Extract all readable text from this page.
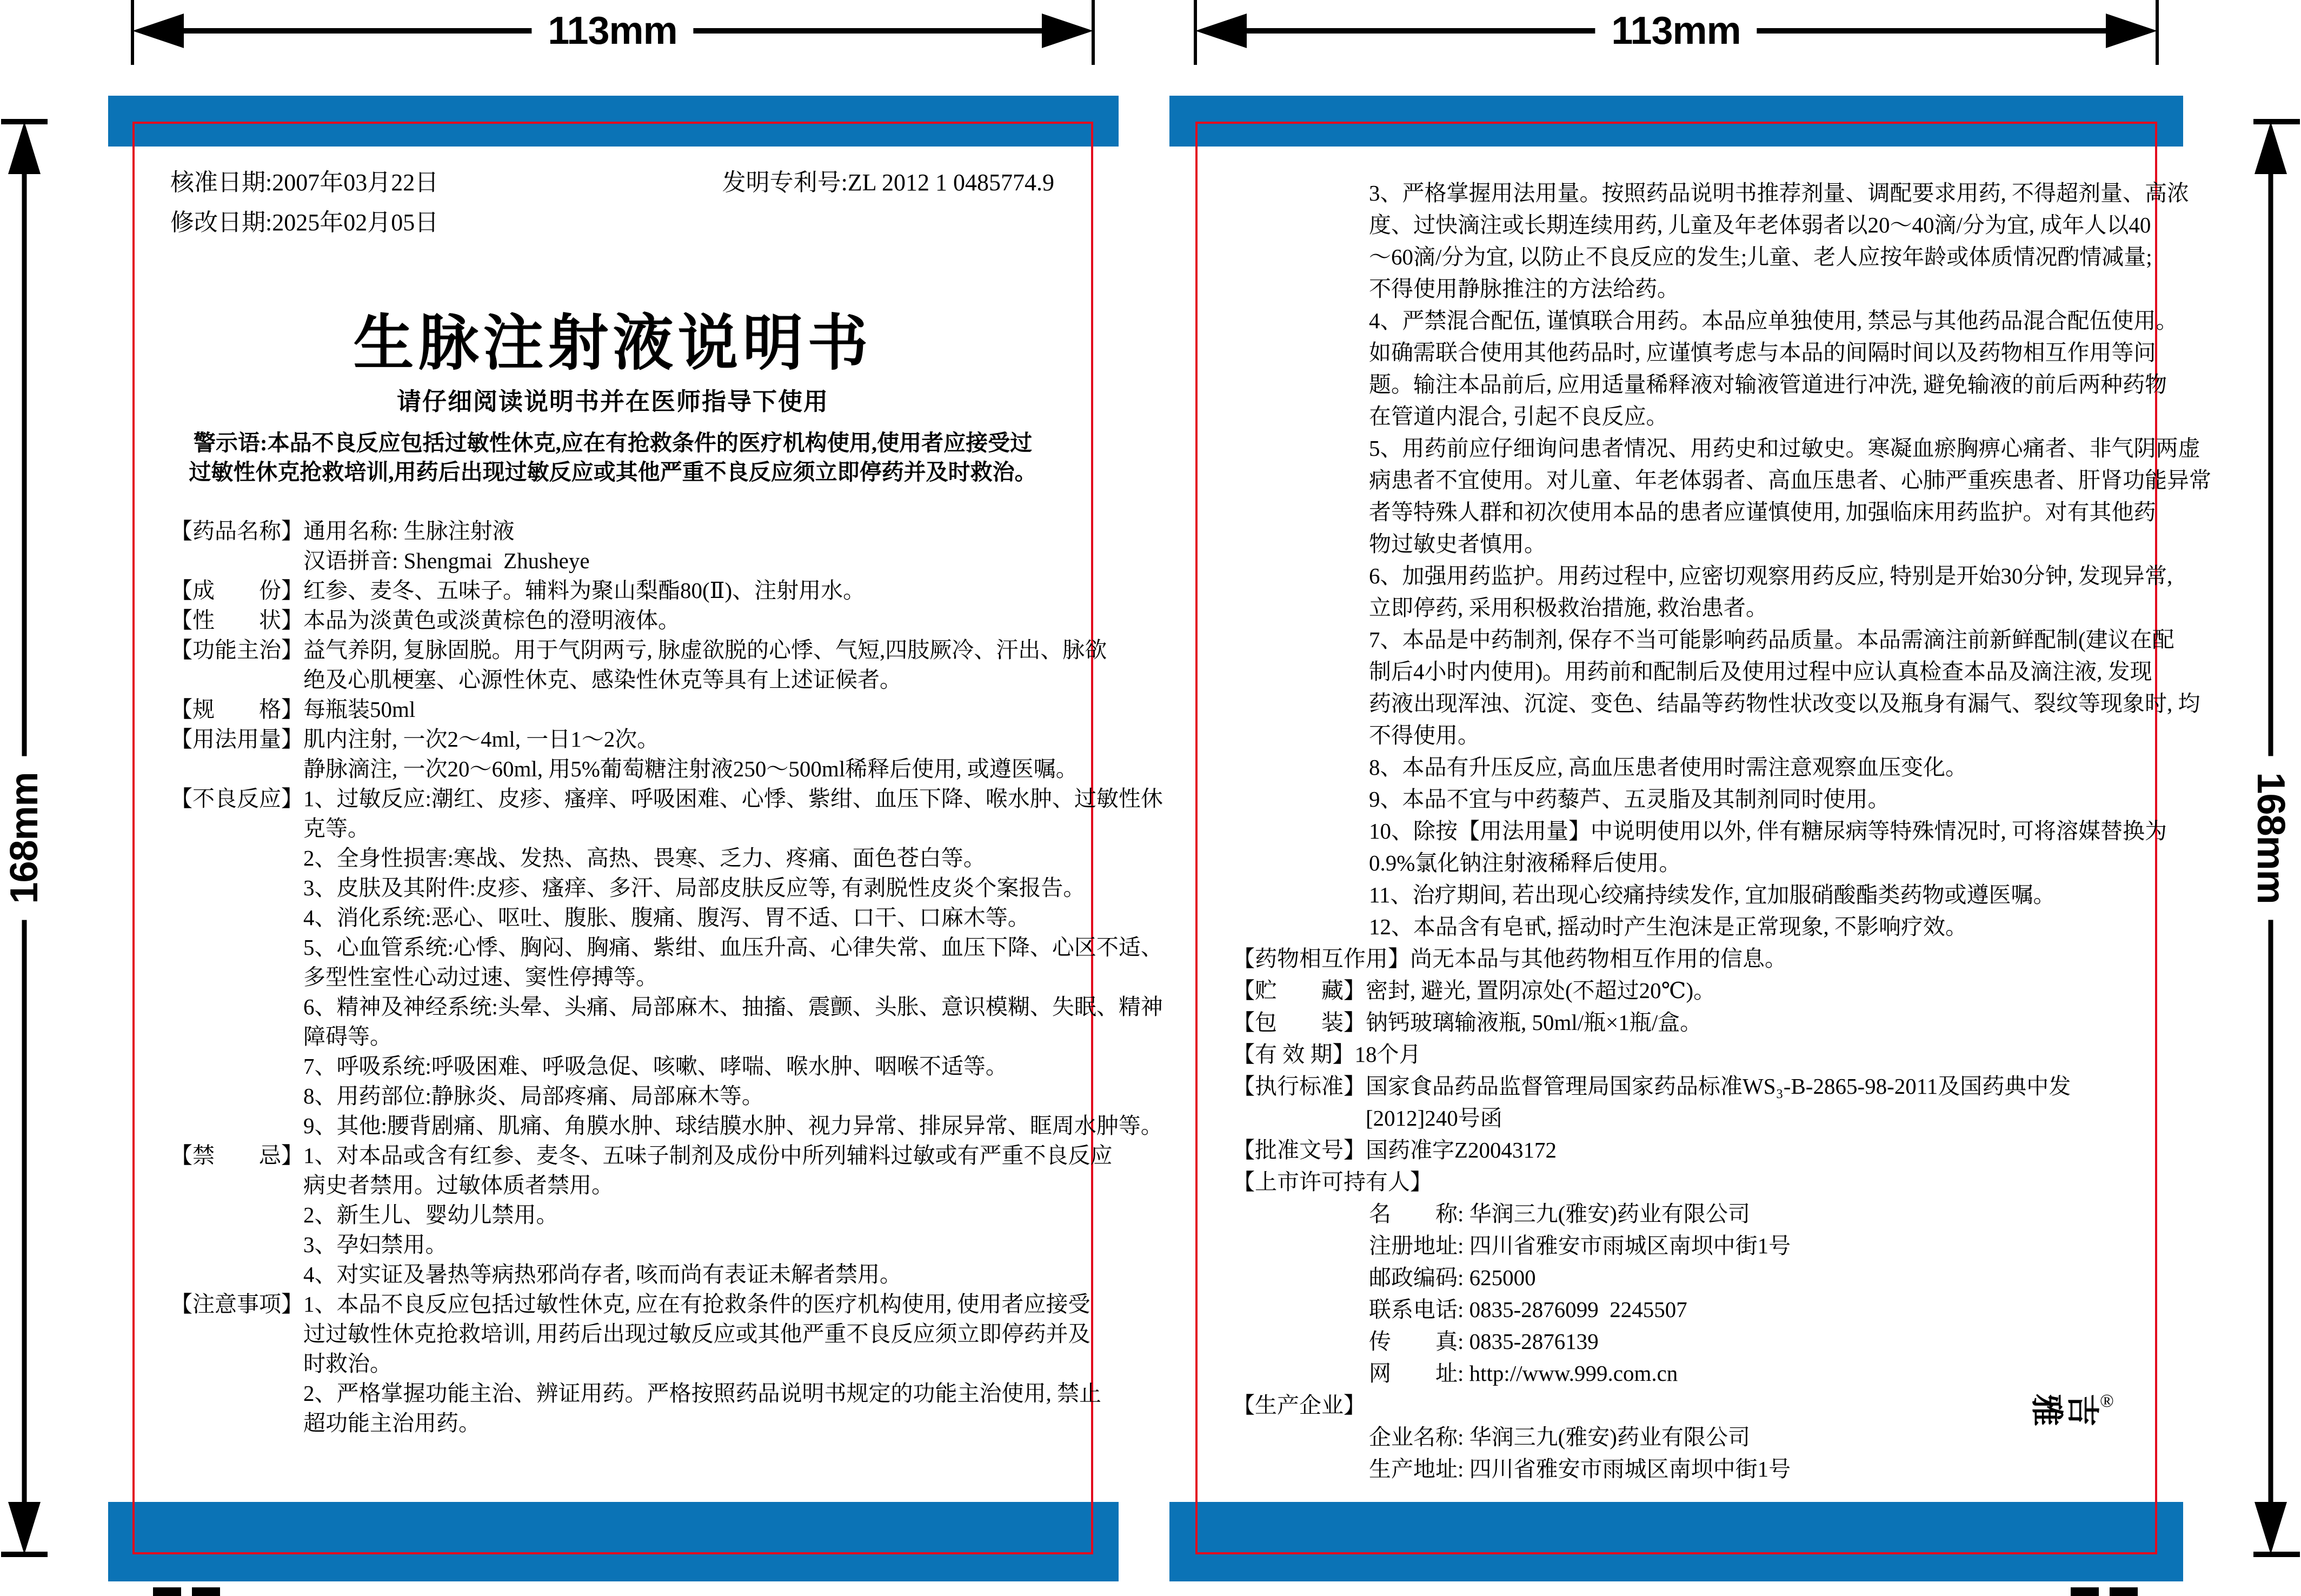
113mm	113mm
168mm	168mm
核准日期:2007年03月22日
修改日期:2025年02月05日
发明专利号:ZL 2012 1 0485774.9
生脉注射液说明书
请仔细阅读说明书并在医师指导下使用
警示语:本品不良反应包括过敏性休克,应在有抢救条件的医疗机构使用,使用者应接受过
过敏性休克抢救培训,用药后出现过敏反应或其他严重不良反应须立即停药并及时救治。
【药品名称】 通用名称: 生脉注射液
汉语拼音: Shengmai  Zhusheye
【成　　份】 红参、麦冬、五味子。辅料为聚山梨酯80(Ⅱ)、注射用水。
【性　　状】 本品为淡黄色或淡黄棕色的澄明液体。
【功能主治】 益气养阴, 复脉固脱。用于气阴两亏, 脉虚欲脱的心悸、气短,四肢厥冷、汗出、脉欲
绝及心肌梗塞、心源性休克、感染性休克等具有上述证候者。
【规　　格】 每瓶装50ml
【用法用量】 肌内注射, 一次2～4ml, 一日1～2次。
静脉滴注, 一次20～60ml, 用5%葡萄糖注射液250～500ml稀释后使用, 或遵医嘱。
【不良反应】 1、过敏反应:潮红、皮疹、瘙痒、呼吸困难、心悸、紫绀、血压下降、喉水肿、过敏性休
克等。
2、全身性损害:寒战、发热、高热、畏寒、乏力、疼痛、面色苍白等。
3、皮肤及其附件:皮疹、瘙痒、多汗、局部皮肤反应等, 有剥脱性皮炎个案报告。
4、消化系统:恶心、呕吐、腹胀、腹痛、腹泻、胃不适、口干、口麻木等。
5、心血管系统:心悸、胸闷、胸痛、紫绀、血压升高、心律失常、血压下降、心区不适、
多型性室性心动过速、窦性停搏等。
6、精神及神经系统:头晕、头痛、局部麻木、抽搐、震颤、头胀、意识模糊、失眠、精神
障碍等。
7、呼吸系统:呼吸困难、呼吸急促、咳嗽、哮喘、喉水肿、咽喉不适等。
8、用药部位:静脉炎、局部疼痛、局部麻木等。
9、其他:腰背剧痛、肌痛、角膜水肿、球结膜水肿、视力异常、排尿异常、眶周水肿等。
【禁　　忌】 1、对本品或含有红参、麦冬、五味子制剂及成份中所列辅料过敏或有严重不良反应
病史者禁用。过敏体质者禁用。
2、新生儿、婴幼儿禁用。
3、孕妇禁用。
4、对实证及暑热等病热邪尚存者, 咳而尚有表证未解者禁用。
【注意事项】 1、本品不良反应包括过敏性休克, 应在有抢救条件的医疗机构使用, 使用者应接受
过过敏性休克抢救培训, 用药后出现过敏反应或其他严重不良反应须立即停药并及
时救治。
2、严格掌握功能主治、辨证用药。严格按照药品说明书规定的功能主治使用, 禁止
超功能主治用药。
3、严格掌握用法用量。按照药品说明书推荐剂量、调配要求用药, 不得超剂量、高浓
度、过快滴注或长期连续用药, 儿童及年老体弱者以20～40滴/分为宜, 成年人以40
～60滴/分为宜, 以防止不良反应的发生;儿童、老人应按年龄或体质情况酌情减量;
不得使用静脉推注的方法给药。
4、严禁混合配伍, 谨慎联合用药。本品应单独使用, 禁忌与其他药品混合配伍使用。
如确需联合使用其他药品时, 应谨慎考虑与本品的间隔时间以及药物相互作用等问
题。输注本品前后, 应用适量稀释液对输液管道进行冲洗, 避免输液的前后两种药物
在管道内混合, 引起不良反应。
5、用药前应仔细询问患者情况、用药史和过敏史。寒凝血瘀胸痹心痛者、非气阴两虚
病患者不宜使用。对儿童、年老体弱者、高血压患者、心肺严重疾患者、肝肾功能异常
者等特殊人群和初次使用本品的患者应谨慎使用, 加强临床用药监护。对有其他药
物过敏史者慎用。
6、加强用药监护。用药过程中, 应密切观察用药反应, 特别是开始30分钟, 发现异常,
立即停药, 采用积极救治措施, 救治患者。
7、本品是中药制剂, 保存不当可能影响药品质量。本品需滴注前新鲜配制(建议在配
制后4小时内使用)。用药前和配制后及使用过程中应认真检查本品及滴注液, 发现
药液出现浑浊、沉淀、变色、结晶等药物性状改变以及瓶身有漏气、裂纹等现象时, 均
不得使用。
8、本品有升压反应, 高血压患者使用时需注意观察血压变化。
9、本品不宜与中药藜芦、五灵脂及其制剂同时使用。
10、除按【用法用量】中说明使用以外, 伴有糖尿病等特殊情况时, 可将溶媒替换为
0.9%氯化钠注射液稀释后使用。
11、治疗期间, 若出现心绞痛持续发作, 宜加服硝酸酯类药物或遵医嘱。
12、本品含有皂甙, 摇动时产生泡沫是正常现象, 不影响疗效。
【药物相互作用】 尚无本品与其他药物相互作用的信息。
【贮　　藏】 密封, 避光, 置阴凉处(不超过20℃)。
【包　　装】 钠钙玻璃输液瓶, 50ml/瓶×1瓶/盒。
【有 效 期】 18个月
【执行标准】 国家食品药品监督管理局国家药品标准WS₃-B-2865-98-2011及国药典中发
[2012]240号函
【批准文号】 国药准字Z20043172
【上市许可持有人】
名　　称: 华润三九(雅安)药业有限公司
注册地址: 四川省雅安市雨城区南坝中街1号
邮政编码: 625000
联系电话: 0835-2876099  2245507
传　　真: 0835-2876139
网　　址: http://www.999.com.cn
【生产企业】
企业名称: 华润三九(雅安)药业有限公司
生产地址: 四川省雅安市雨城区南坝中街1号
雅吉®
